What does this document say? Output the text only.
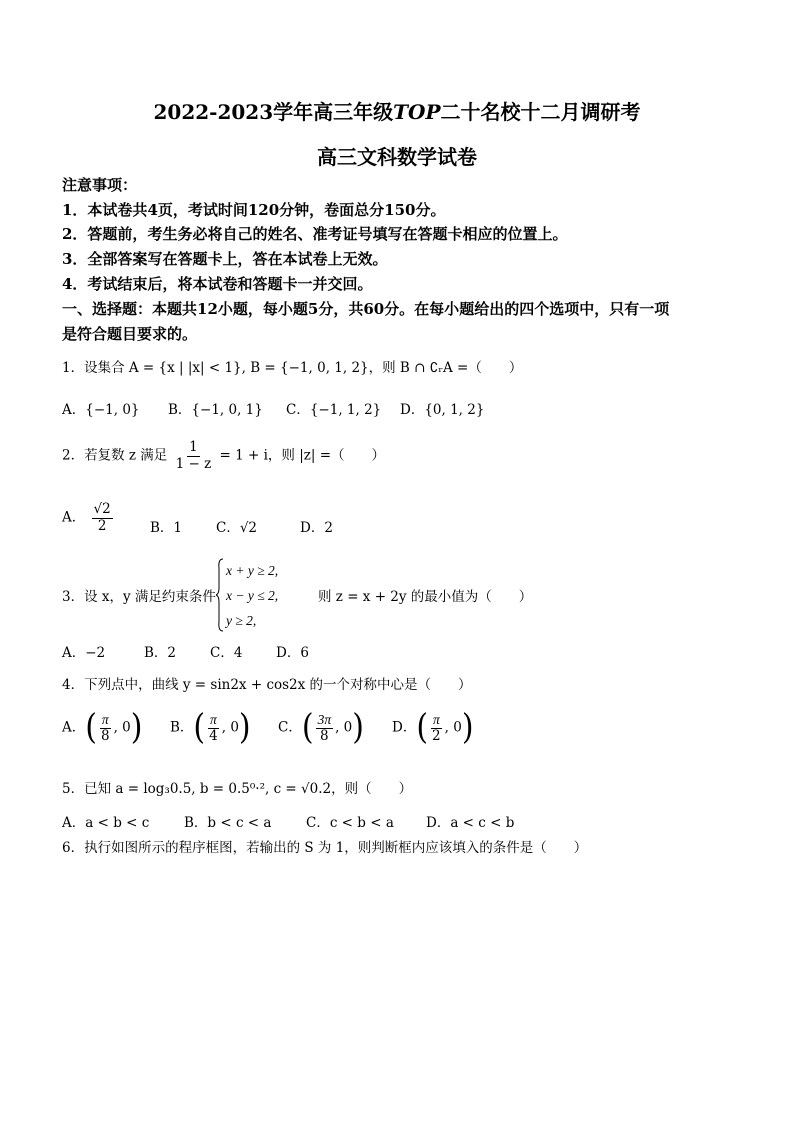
2022-2023学年高三年级TOP二十名校十二月调研考
高三文科数学试卷
注意事项：
1．本试卷共4页，考试时间120分钟，卷面总分150分。
2．答题前，考生务必将自己的姓名、准考证号填写在答题卡相应的位置上。
3．全部答案写在答题卡上，答在本试卷上无效。
4．考试结束后，将本试卷和答题卡一并交回。
一、选择题：本题共12小题，每小题5分，共60分。在每小题给出的四个选项中，只有一项
是符合题目要求的。
1．设集合 A = {x | |x| < 1}, B = {−1, 0, 1, 2}，则 B ∩ ∁ᵣA =（　　）
A．{−1, 0} B．{−1, 0, 1} C．{−1, 1, 2} D．{0, 1, 2}
2．若复数 z 满足 $\frac{1}{1 - z} = 1 + i$，则 |z| =（　　）
A． $\frac{√2}{2}$	B．1	C．√2	D．2
3．设 x，y 满足约束条件
x + y ≥ 2,
x − y ≤ 2,
y ≥ 2,
则 z = x + 2y 的最小值为（　　）
A．−2	B．2	C．4 D．6
4．下列点中，曲线 y = sin2x + cos2x 的一个对称中心是（　　）
A．( $\frac{\pi}{8}$ , 0) B．( $\frac{\pi}{4}$ , 0) C．( $\frac{3\pi}{8}$ , 0) D．( $\frac{\pi}{2}$ , 0)
5．已知 a = log₃0.5, b = 0.5⁰·², c = √0.2，则（　　）
A．a < b < c	B．b < c < a	C．c < b < a D．a < c < b
6．执行如图所示的程序框图，若输出的 S 为 1，则判断框内应该填入的条件是（　　）
